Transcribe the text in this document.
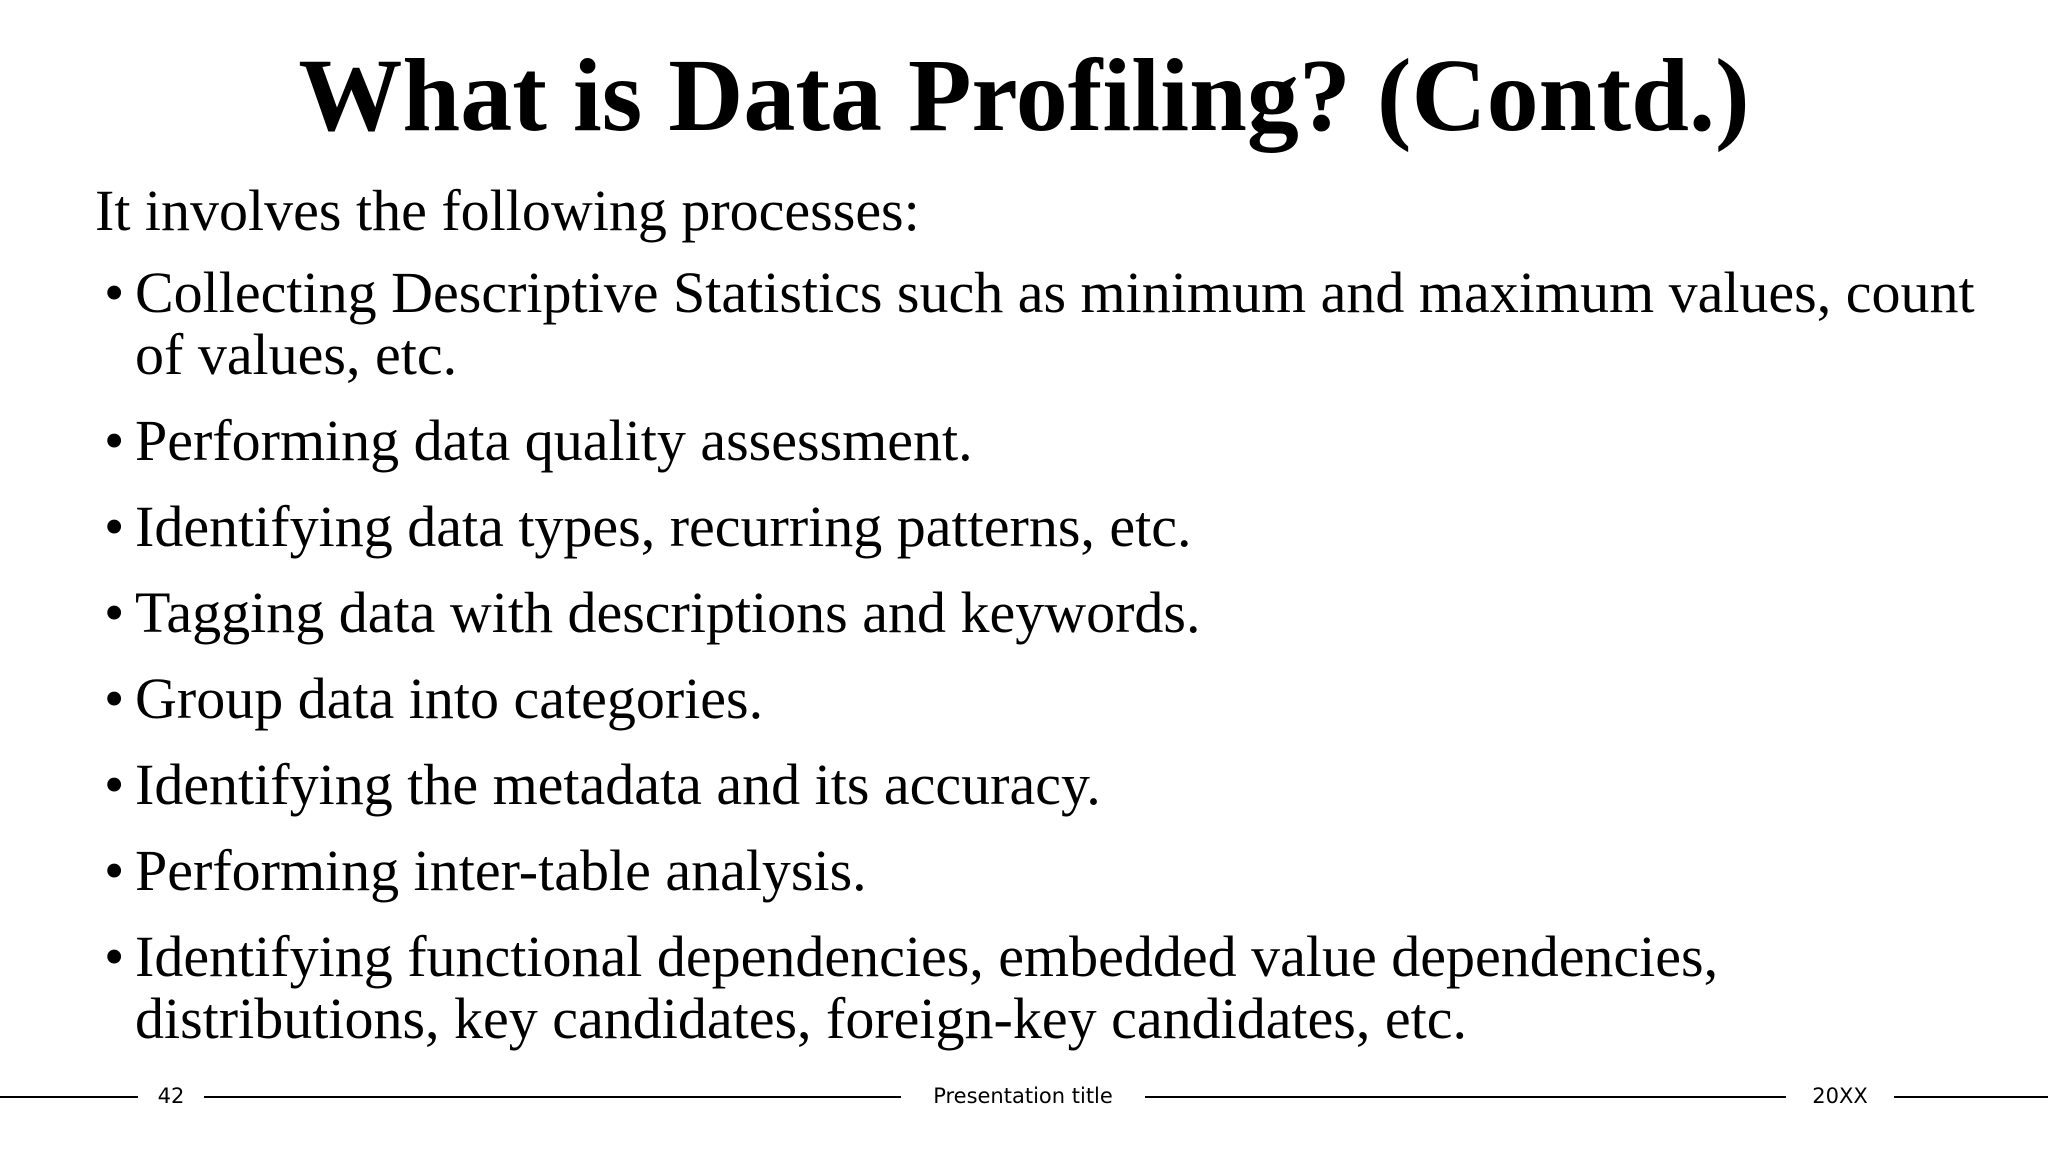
What is Data Profiling? (Contd.)

It involves the following processes:

• Collecting Descriptive Statistics such as minimum and maximum values, count of values, etc.
• Performing data quality assessment.
• Identifying data types, recurring patterns, etc.
• Tagging data with descriptions and keywords.
• Group data into categories.
• Identifying the metadata and its accuracy.
• Performing inter-table analysis.
• Identifying functional dependencies, embedded value dependencies, distributions, key candidates, foreign-key candidates, etc.
42	Presentation title	20XX
